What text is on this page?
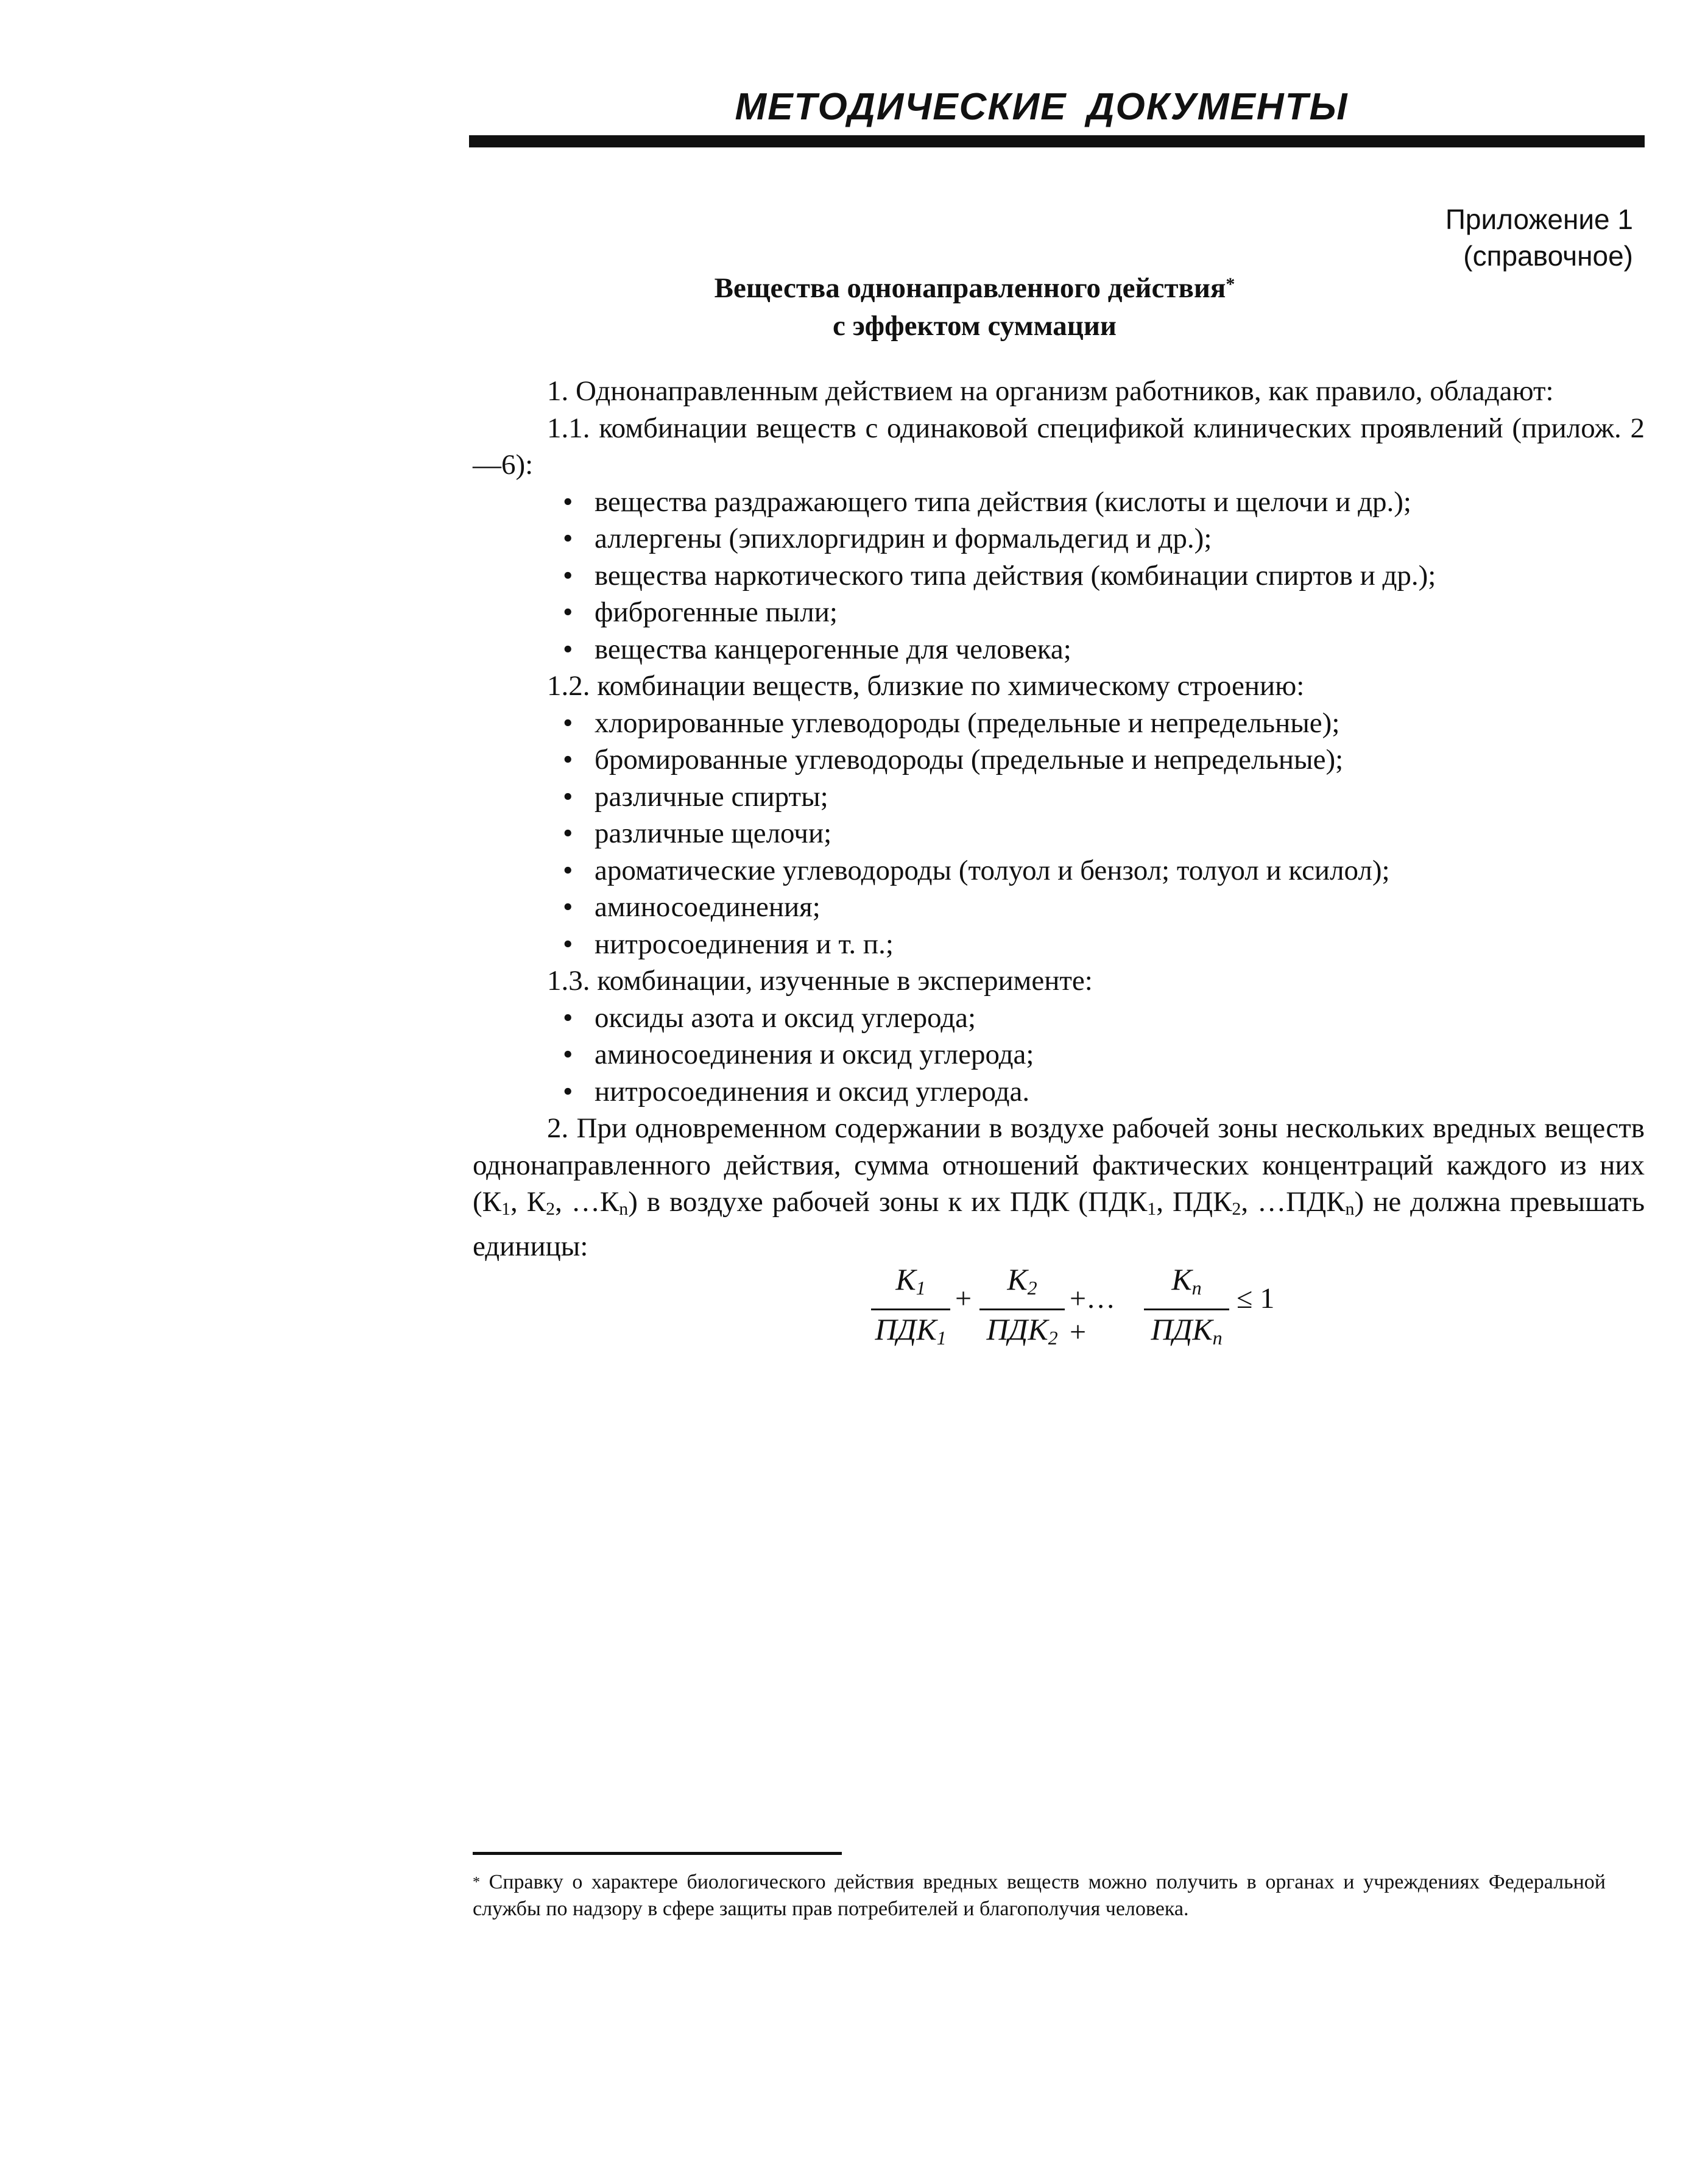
МЕТОДИЧЕСКИЕ ДОКУМЕНТЫ
Приложение 1
(справочное)
Вещества однонаправленного действия*
с эффектом суммации

1. Однонаправленным действием на организм работников, как правило, обладают:

1.1. комбинации веществ с одинаковой спецификой клинических проявлений (прилож. 2—6):

• вещества раздражающего типа действия (кислоты и щелочи и др.);

• аллергены (эпихлоргидрин и формальдегид и др.);

• вещества наркотического типа действия (комбинации спиртов и др.);

• фиброгенные пыли;

• вещества канцерогенные для человека;

1.2. комбинации веществ, близкие по химическому строению:

• хлорированные углеводороды (предельные и непредельные);

• бромированные углеводороды (предельные и непредельные);

• различные спирты;

• различные щелочи;

• ароматические углеводороды (толуол и бензол; толуол и ксилол);

• аминосоединения;

• нитросоединения и т. п.;

1.3. комбинации, изученные в эксперименте:

• оксиды азота и оксид углерода;

• аминосоединения и оксид углерода;

• нитросоединения и оксид углерода.

2. При одновременном содержании в воздухе рабочей зоны нескольких вредных веществ однонаправленного действия, сумма отношений фактических концентраций каждого из них ($К_1$, $К_2$, $\dots К_n$) в воздухе рабочей зоны к их ПДК ($ПДК_1$, $ПДК_2$, $\dots ПДК_n$) не должна превышать единицы:

K1
ПДК1
+
K2
ПДК2
+…+
Kn
ПДКn
≤ 1
* Справку о характере биологического действия вредных веществ можно получить в органах и учреждениях Федеральной службы по надзору в сфере защиты прав потребителей и благополучия человека.
